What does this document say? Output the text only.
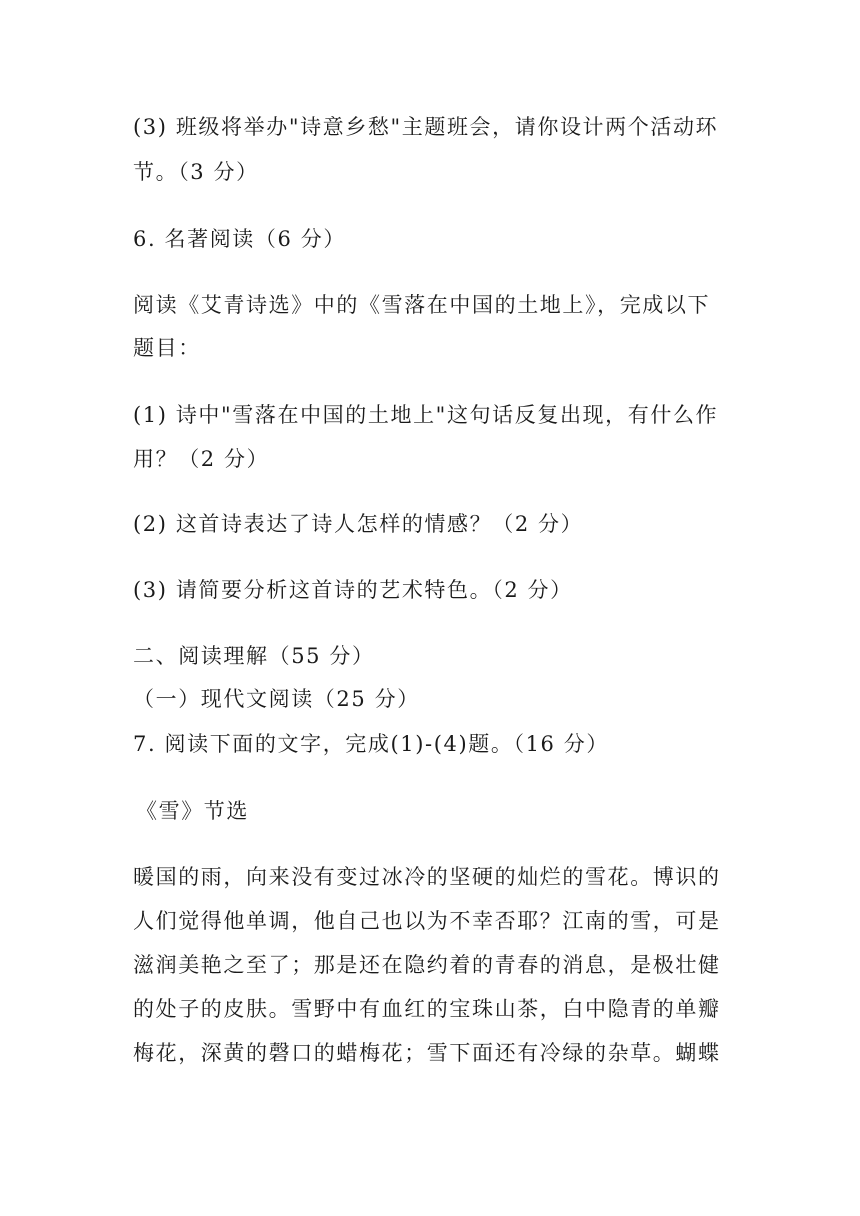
(3) 班级将举办"诗意乡愁"主题班会，请你设计两个活动环
节。（3 分）
6. 名著阅读（6 分）
阅读《艾青诗选》中的《雪落在中国的土地上》，完成以下
题目：
(1) 诗中"雪落在中国的土地上"这句话反复出现，有什么作
用？（2 分）
(2) 这首诗表达了诗人怎样的情感？（2 分）
(3) 请简要分析这首诗的艺术特色。（2 分）
二、阅读理解（55 分）
（一）现代文阅读（25 分）
7. 阅读下面的文字，完成(1)-(4)题。（16 分）
《雪》节选
暖国的雨，向来没有变过冰冷的坚硬的灿烂的雪花。博识的
人们觉得他单调，他自己也以为不幸否耶？江南的雪，可是
滋润美艳之至了；那是还在隐约着的青春的消息，是极壮健
的处子的皮肤。雪野中有血红的宝珠山茶，白中隐青的单瓣
梅花，深黄的磬口的蜡梅花；雪下面还有冷绿的杂草。蝴蝶
